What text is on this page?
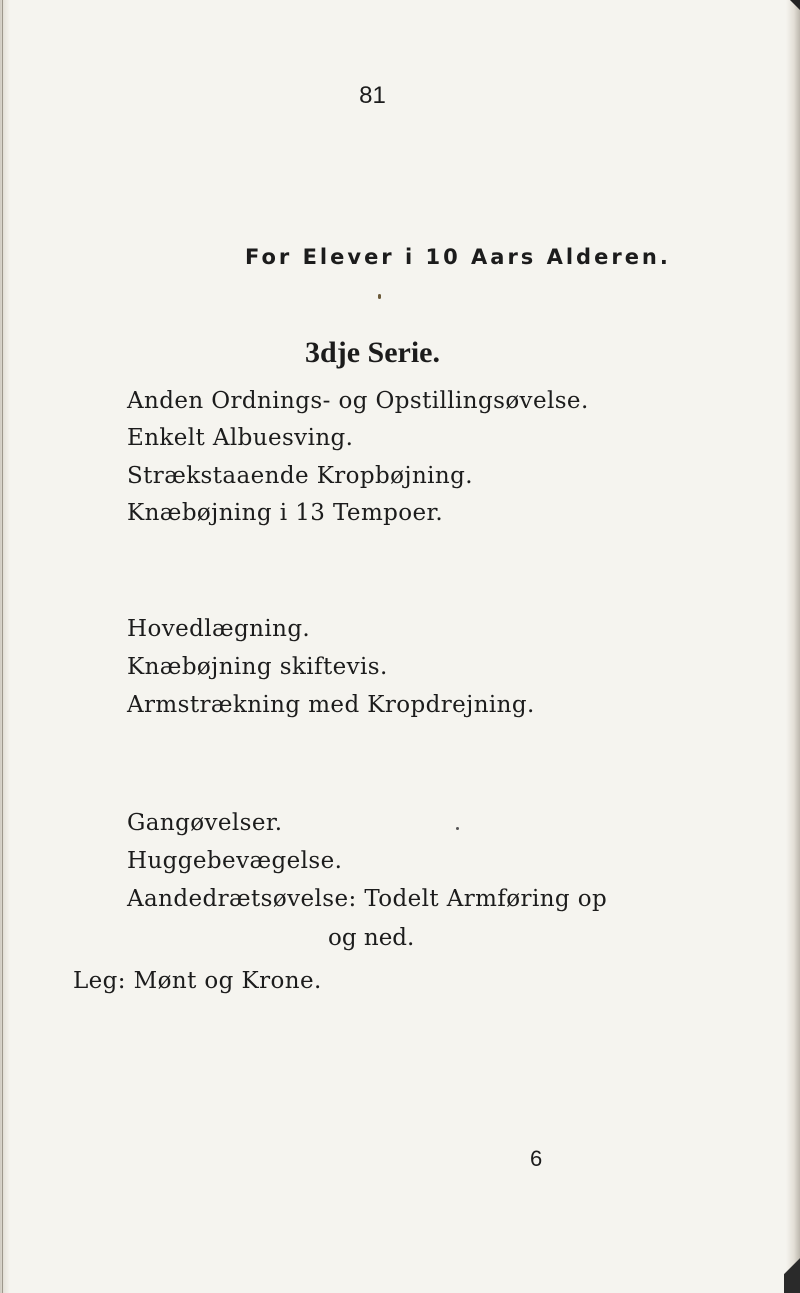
81
For Elever i 10 Aars Alderen.
3dje Serie.
Anden Ordnings- og Opstillingsøvelse.
Enkelt Albuesving.
Strækstaaende Kropbøjning.
Knæbøjning i 13 Tempoer.
Hovedlægning.
Knæbøjning skiftevis.
Armstrækning med Kropdrejning.
Gangøvelser.
Huggebevægelse.
Aandedrætsøvelse: Todelt Armføring op
og ned.
Leg: Mønt og Krone.
6
